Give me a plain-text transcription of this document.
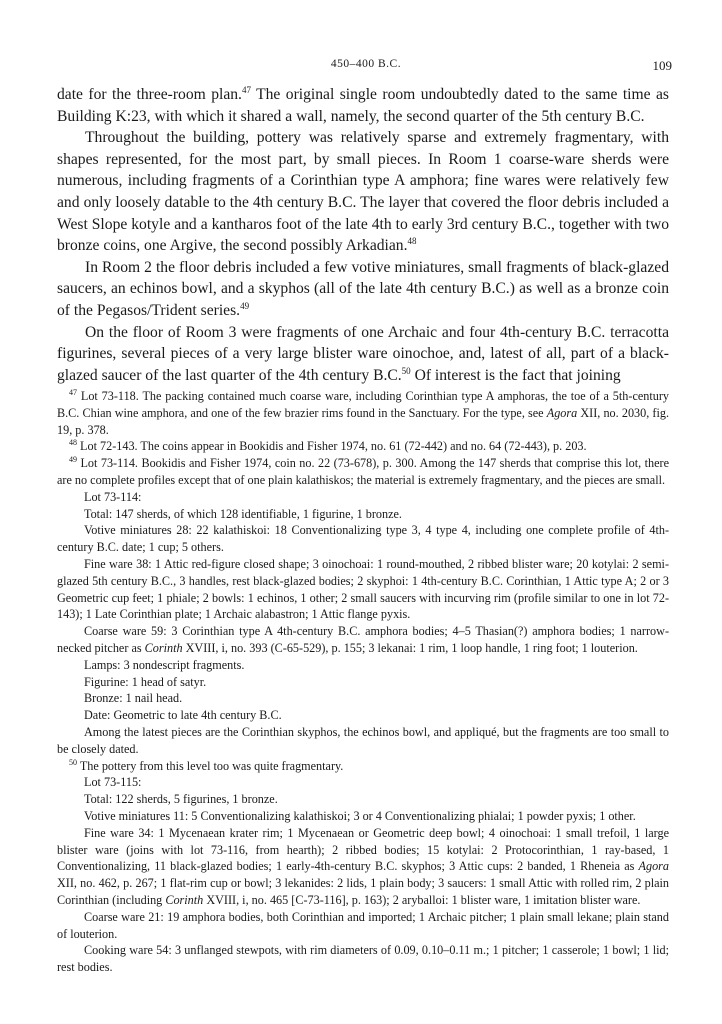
450–400 B.C.	109

date for the three-room plan.$^{47}$ The original single room undoubtedly dated to the same time as Building K:23, with which it shared a wall, namely, the second quarter of the 5th century B.C.

Throughout the building, pottery was relatively sparse and extremely fragmentary, with shapes represented, for the most part, by small pieces. In Room 1 coarse-ware sherds were numerous, including fragments of a Corinthian type A amphora; fine wares were relatively few and only loosely datable to the 4th century B.C. The layer that covered the floor debris included a West Slope kotyle and a kantharos foot of the late 4th to early 3rd century B.C., together with two bronze coins, one Argive, the second possibly Arkadian.$^{48}$

In Room 2 the floor debris included a few votive miniatures, small fragments of black-glazed saucers, an echinos bowl, and a skyphos (all of the late 4th century B.C.) as well as a bronze coin of the Pegasos/Trident series.$^{49}$

On the floor of Room 3 were fragments of one Archaic and four 4th-century B.C. terracotta figurines, several pieces of a very large blister ware oinochoe, and, latest of all, part of a black-glazed saucer of the last quarter of the 4th century B.C.$^{50}$ Of interest is the fact that joining

$^{47}$ Lot 73-118. The packing contained much coarse ware, including Corinthian type A amphoras, the toe of a 5th-century B.C. Chian wine amphora, and one of the few brazier rims found in the Sanctuary. For the type, see Agora XII, no. 2030, fig. 19, p. 378.

$^{48}$ Lot 72-143. The coins appear in Bookidis and Fisher 1974, no. 61 (72-442) and no. 64 (72-443), p. 203.

$^{49}$ Lot 73-114. Bookidis and Fisher 1974, coin no. 22 (73-678), p. 300. Among the 147 sherds that comprise this lot, there are no complete profiles except that of one plain kalathiskos; the material is extremely fragmentary, and the pieces are small.

Lot 73-114:

Total: 147 sherds, of which 128 identifiable, 1 figurine, 1 bronze.

Votive miniatures 28: 22 kalathiskoi: 18 Conventionalizing type 3, 4 type 4, including one complete profile of 4th-century B.C. date; 1 cup; 5 others.

Fine ware 38: 1 Attic red-figure closed shape; 3 oinochoai: 1 round-mouthed, 2 ribbed blister ware; 20 kotylai: 2 semi-glazed 5th century B.C., 3 handles, rest black-glazed bodies; 2 skyphoi: 1 4th-century B.C. Corinthian, 1 Attic type A; 2 or 3 Geometric cup feet; 1 phiale; 2 bowls: 1 echinos, 1 other; 2 small saucers with incurving rim (profile similar to one in lot 72-143); 1 Late Corinthian plate; 1 Archaic alabastron; 1 Attic flange pyxis.

Coarse ware 59: 3 Corinthian type A 4th-century B.C. amphora bodies; 4–5 Thasian(?) amphora bodies; 1 narrow-necked pitcher as Corinth XVIII, i, no. 393 (C-65-529), p. 155; 3 lekanai: 1 rim, 1 loop handle, 1 ring foot; 1 louterion.

Lamps: 3 nondescript fragments.

Figurine: 1 head of satyr.

Bronze: 1 nail head.

Date: Geometric to late 4th century B.C.

Among the latest pieces are the Corinthian skyphos, the echinos bowl, and appliqué, but the fragments are too small to be closely dated.

$^{50}$ The pottery from this level too was quite fragmentary.

Lot 73-115:

Total: 122 sherds, 5 figurines, 1 bronze.

Votive miniatures 11: 5 Conventionalizing kalathiskoi; 3 or 4 Conventionalizing phialai; 1 powder pyxis; 1 other.

Fine ware 34: 1 Mycenaean krater rim; 1 Mycenaean or Geometric deep bowl; 4 oinochoai: 1 small trefoil, 1 large blister ware (joins with lot 73-116, from hearth); 2 ribbed bodies; 15 kotylai: 2 Protocorinthian, 1 ray-based, 1 Conventionalizing, 11 black-glazed bodies; 1 early-4th-century B.C. skyphos; 3 Attic cups: 2 banded, 1 Rheneia as Agora XII, no. 462, p. 267; 1 flat-rim cup or bowl; 3 lekanides: 2 lids, 1 plain body; 3 saucers: 1 small Attic with rolled rim, 2 plain Corinthian (including Corinth XVIII, i, no. 465 [C-73-116], p. 163); 2 aryballoi: 1 blister ware, 1 imitation blister ware.

Coarse ware 21: 19 amphora bodies, both Corinthian and imported; 1 Archaic pitcher; 1 plain small lekane; plain stand of louterion.

Cooking ware 54: 3 unflanged stewpots, with rim diameters of 0.09, 0.10–0.11 m.; 1 pitcher; 1 casserole; 1 bowl; 1 lid; rest bodies.
